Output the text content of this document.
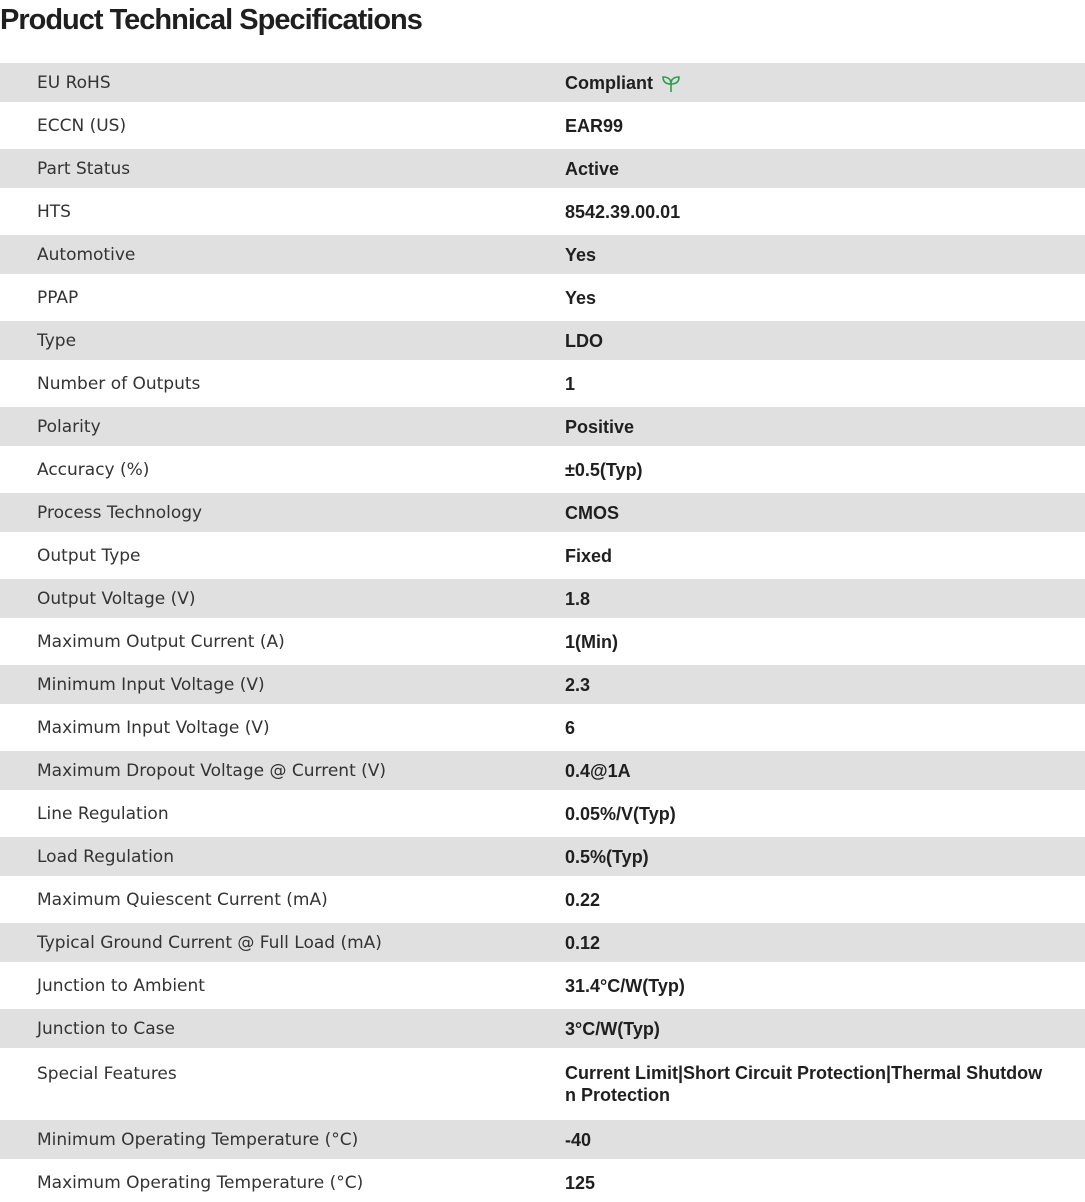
Product Technical Specifications
EU RoHS	Compliant

ECCN (US)	EAR99

Part Status	Active

HTS	8542.39.00.01

Automotive	Yes

PPAP	Yes

Type	LDO

Number of Outputs	1

Polarity	Positive

Accuracy (%)	±0.5(Typ)

Process Technology	CMOS

Output Type	Fixed

Output Voltage (V)	1.8

Maximum Output Current (A)	1(Min)

Minimum Input Voltage (V)	2.3

Maximum Input Voltage (V)	6

Maximum Dropout Voltage @ Current (V)	0.4@1A

Line Regulation	0.05%/V(Typ)

Load Regulation	0.5%(Typ)

Maximum Quiescent Current (mA)	0.22

Typical Ground Current @ Full Load (mA)	0.12

Junction to Ambient	31.4°C/W(Typ)

Junction to Case	3°C/W(Typ)

Special Features	Current Limit|Short Circuit Protection|Thermal Shutdown Protection

Minimum Operating Temperature (°C)	-40

Maximum Operating Temperature (°C)	125
